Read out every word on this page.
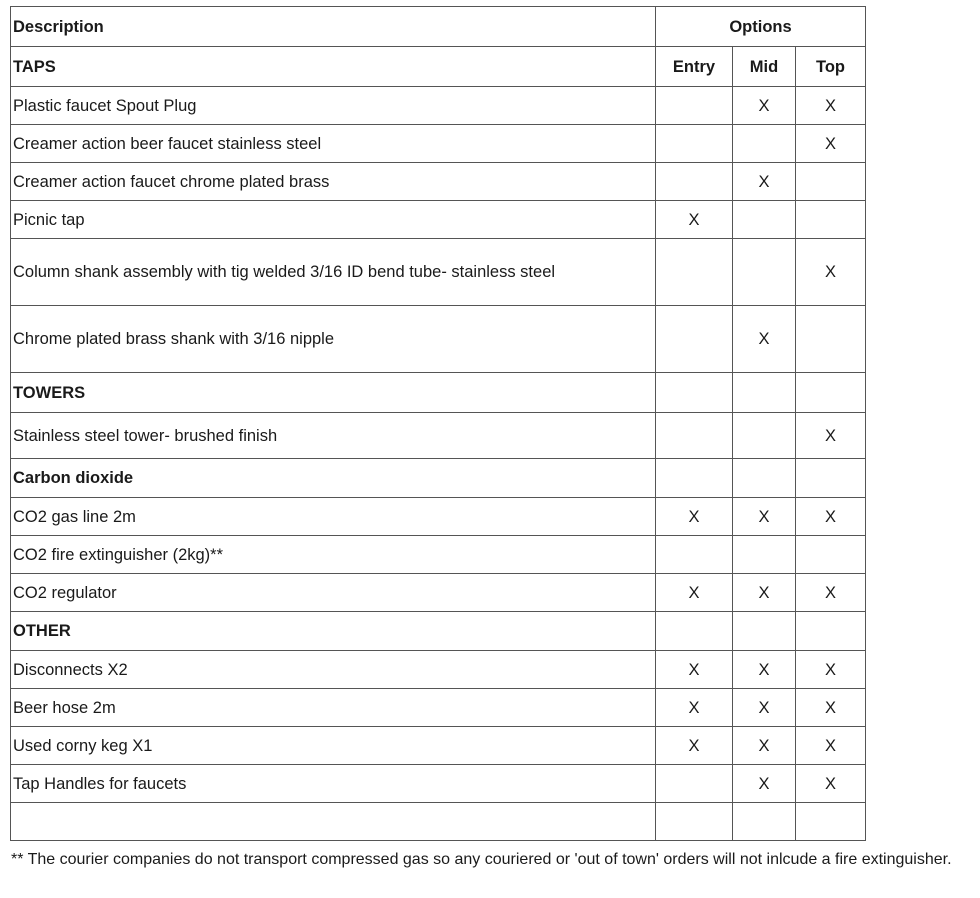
Description	Options		
TAPS	Entry	Mid	Top
Plastic faucet Spout Plug		X	X
Creamer action beer faucet stainless steel			X
Creamer action faucet chrome plated brass		X	
Picnic tap	X		
Column shank assembly with tig welded 3/16 ID bend tube- stainless steel			X
Chrome plated brass shank with 3/16 nipple		X	
TOWERS			
Stainless steel tower- brushed finish			X
Carbon dioxide			
CO2 gas line 2m	X	X	X
CO2 fire extinguisher (2kg)**			
CO2 regulator	X	X	X
OTHER			
Disconnects X2	X	X	X
Beer hose 2m	X	X	X
Used corny keg X1	X	X	X
Tap Handles for faucets		X	X

** The courier companies do not transport compressed gas so any couriered or 'out of town' orders will not inlcude a fire extinguisher.
